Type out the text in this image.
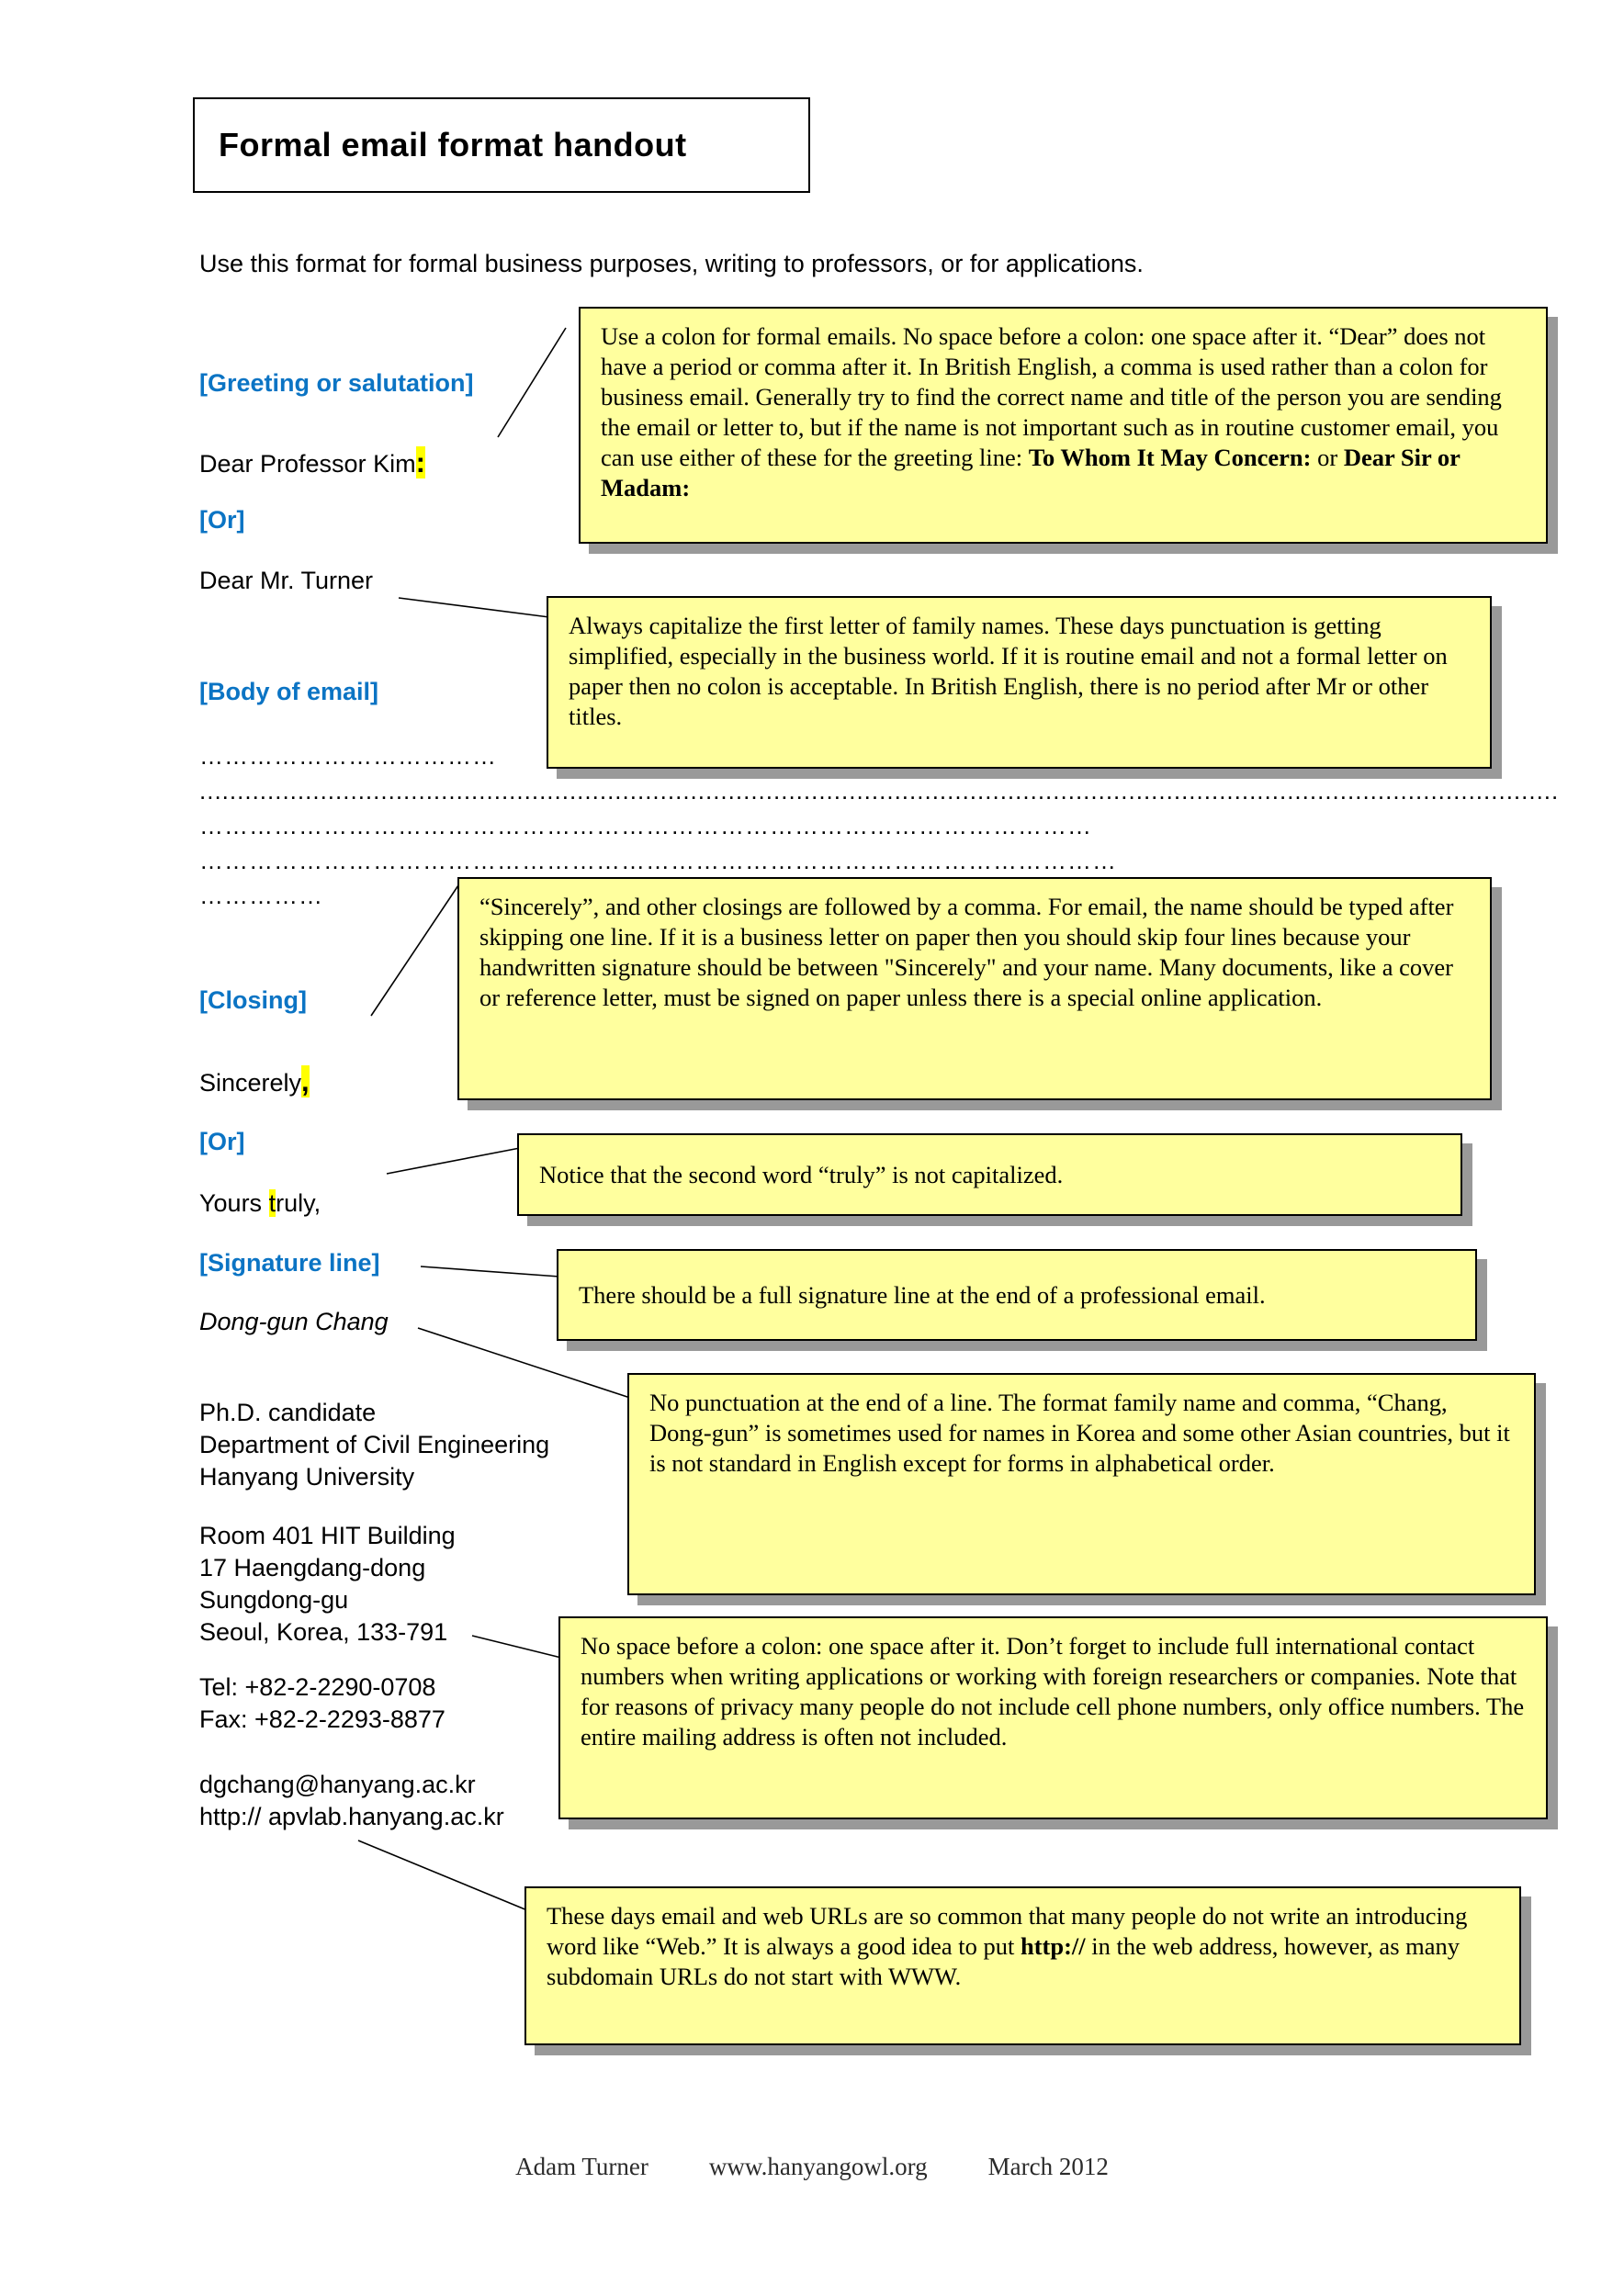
Formal email format handout
Use this format for formal business purposes, writing to professors, or for applications.
[Greeting or salutation]
Dear Professor Kim:
[Or]
Dear Mr. Turner
[Body of email]
………………………………
....................................................................................................................................................................................
………………………………………………………………………………………………
…………………………………………………………………………………………………
……………
[Closing]
Sincerely,
[Or]
Yours truly,
[Signature line]
Dong-gun Chang
Ph.D. candidate
Department of Civil Engineering
Hanyang University
Room 401 HIT Building
17 Haengdang-dong
Sungdong-gu
Seoul, Korea, 133-791
Tel: +82-2-2290-0708
Fax: +82-2-2293-8877
dgchang@hanyang.ac.kr
http:// apvlab.hanyang.ac.kr
Use a colon for formal emails. No space before a colon: one space after it. “Dear” does not have a period or comma after it. In British English, a comma is used rather than a colon for business email. Generally try to find the correct name and title of the person you are sending the email or letter to, but if the name is not important such as in routine customer email, you can use either of these for the greeting line: To Whom It May Concern: or Dear Sir or Madam:
Always capitalize the first letter of family names. These days punctuation is getting simplified, especially in the business world. If it is routine email and not a formal letter on paper then no colon is acceptable. In British English, there is no period after Mr or other titles.
“Sincerely”, and other closings are followed by a comma. For email, the name should be typed after skipping one line. If it is a business letter on paper then you should skip four lines because your handwritten signature should be between "Sincerely" and your name. Many documents, like a cover or reference letter, must be signed on paper unless there is a special online application.
Notice that the second word “truly” is not capitalized.
There should be a full signature line at the end of a professional email.
No punctuation at the end of a line. The format family name and comma, “Chang, Dong-gun” is sometimes used for names in Korea and some other Asian countries, but it is not standard in English except for forms in alphabetical order.
No space before a colon: one space after it. Don’t forget to include full international contact numbers when writing applications or working with foreign researchers or companies. Note that for reasons of privacy many people do not include cell phone numbers, only office numbers. The entire mailing address is often not included.
These days email and web URLs are so common that many people do not write an introducing word like “Web.” It is always a good idea to put http:// in the web address, however, as many subdomain URLs do not start with WWW.
Adam Turner www.hanyangowl.org March 2012
